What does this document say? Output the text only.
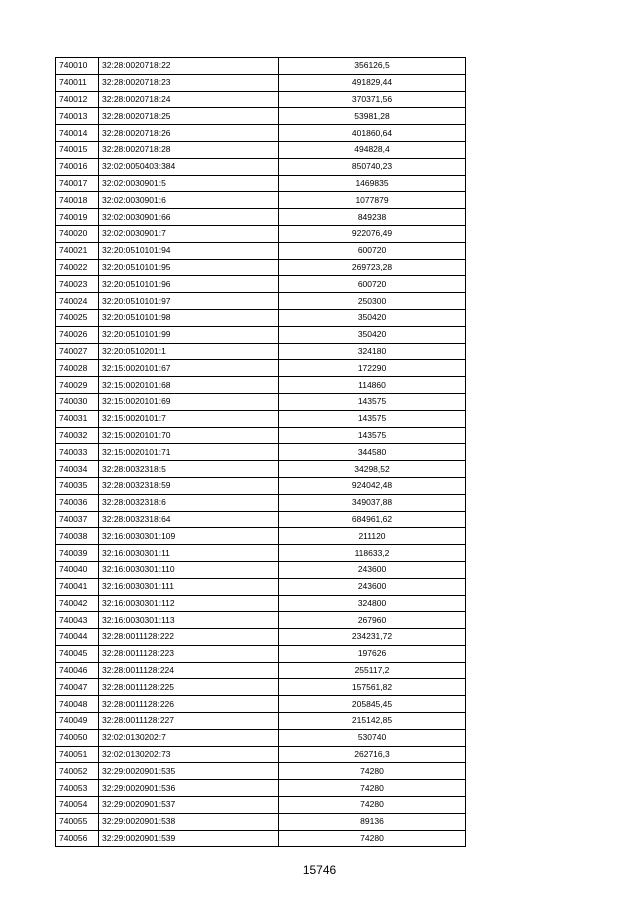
740010	32:28:0020718:22	356126,5
740011	32:28:0020718:23	491829,44
740012	32:28:0020718:24	370371,56
740013	32:28:0020718:25	53981,28
740014	32:28:0020718:26	401860,64
740015	32:28:0020718:28	494828,4
740016	32:02:0050403:384	850740,23
740017	32:02:0030901:5	1469835
740018	32:02:0030901:6	1077879
740019	32:02:0030901:66	849238
740020	32:02:0030901:7	922076,49
740021	32:20:0510101:94	600720
740022	32:20:0510101:95	269723,28
740023	32:20:0510101:96	600720
740024	32:20:0510101:97	250300
740025	32:20:0510101:98	350420
740026	32:20:0510101:99	350420
740027	32:20:0510201:1	324180
740028	32:15:0020101:67	172290
740029	32:15:0020101:68	114860
740030	32:15:0020101:69	143575
740031	32:15:0020101:7	143575
740032	32:15:0020101:70	143575
740033	32:15:0020101:71	344580
740034	32:28:0032318:5	34298,52
740035	32:28:0032318:59	924042,48
740036	32:28:0032318:6	349037,88
740037	32:28:0032318:64	684961,62
740038	32:16:0030301:109	211120
740039	32:16:0030301:11	118633,2
740040	32:16:0030301:110	243600
740041	32:16:0030301:111	243600
740042	32:16:0030301:112	324800
740043	32:16:0030301:113	267960
740044	32:28:0011128:222	234231,72
740045	32:28:0011128:223	197626
740046	32:28:0011128:224	255117,2
740047	32:28:0011128:225	157561,82
740048	32:28:0011128:226	205845,45
740049	32:28:0011128:227	215142,85
740050	32:02:0130202:7	530740
740051	32:02:0130202:73	262716,3
740052	32:29:0020901:535	74280
740053	32:29:0020901:536	74280
740054	32:29:0020901:537	74280
740055	32:29:0020901:538	89136
740056	32:29:0020901:539	74280
15746
